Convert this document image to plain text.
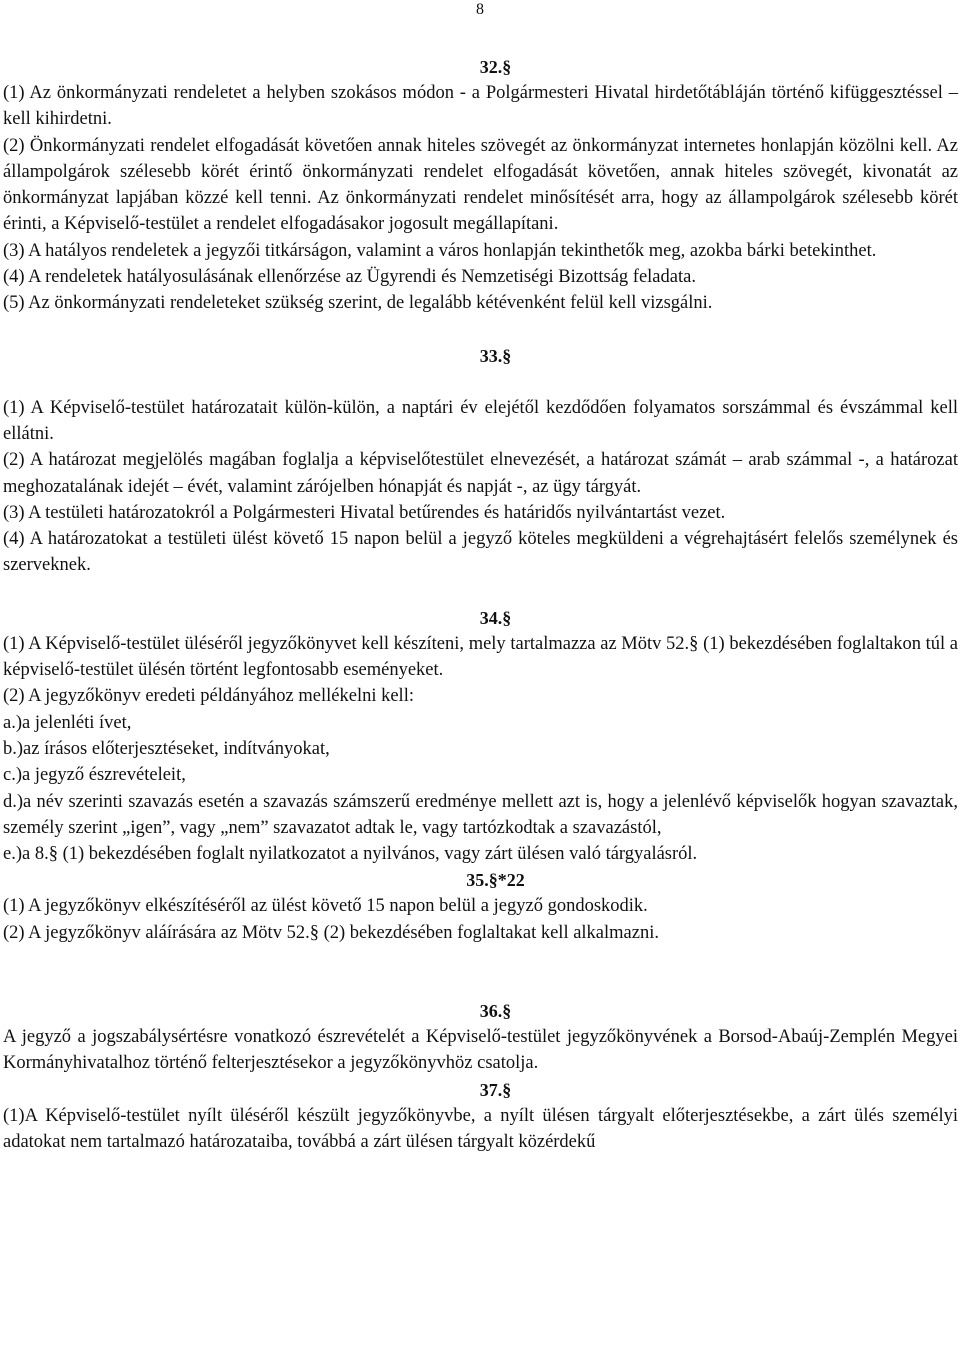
8
32.§

(1) Az önkormányzati rendeletet a helyben szokásos módon - a Polgármesteri Hivatal hirdetőtábláján történő kifüggesztéssel – kell kihirdetni.

(2) Önkormányzati rendelet elfogadását követően annak hiteles szövegét az önkormányzat internetes honlapján közölni kell. Az állampolgárok szélesebb körét érintő önkormányzati rendelet elfogadását követően, annak hiteles szövegét, kivonatát az önkormányzat lapjában közzé kell tenni. Az önkormányzati rendelet minősítését arra, hogy az állampolgárok szélesebb körét érinti, a Képviselő-testület a rendelet elfogadásakor jogosult megállapítani.

(3) A hatályos rendeletek a jegyzői titkárságon, valamint a város honlapján tekinthetők meg, azokba bárki betekinthet.

(4) A rendeletek hatályosulásának ellenőrzése az Ügyrendi és Nemzetiségi Bizottság feladata.

(5) Az önkormányzati rendeleteket szükség szerint, de legalább kétévenként felül kell vizsgálni.

33.§

(1) A Képviselő-testület határozatait külön-külön, a naptári év elejétől kezdődően folyamatos sorszámmal és évszámmal kell ellátni.

(2) A határozat megjelölés magában foglalja a képviselőtestület elnevezését, a határozat számát – arab számmal -, a határozat meghozatalának idejét – évét, valamint zárójelben hónapját és napját -, az ügy tárgyát.

(3) A testületi határozatokról a Polgármesteri Hivatal betűrendes és határidős nyilvántartást vezet.

(4) A határozatokat a testületi ülést követő 15 napon belül a jegyző köteles megküldeni a végrehajtásért felelős személynek és szerveknek.

34.§

(1) A Képviselő-testület üléséről jegyzőkönyvet kell készíteni, mely tartalmazza az Mötv 52.§ (1) bekezdésében foglaltakon túl a képviselő-testület ülésén történt legfontosabb eseményeket.

(2) A jegyzőkönyv eredeti példányához mellékelni kell:

a.)a jelenléti ívet,

b.)az írásos előterjesztéseket, indítványokat,

c.)a jegyző észrevételeit,

d.)a név szerinti szavazás esetén a szavazás számszerű eredménye mellett azt is, hogy a jelenlévő képviselők hogyan szavaztak, személy szerint „igen”, vagy „nem” szavazatot adtak le, vagy tartózkodtak a szavazástól,

e.)a 8.§ (1) bekezdésében foglalt nyilatkozatot a nyilvános, vagy zárt ülésen való tárgyalásról.

35.§*22

(1) A jegyzőkönyv elkészítéséről az ülést követő 15 napon belül a jegyző gondoskodik.

(2) A jegyzőkönyv aláírására az Mötv 52.§ (2) bekezdésében foglaltakat kell alkalmazni.

36.§

A jegyző a jogszabálysértésre vonatkozó észrevételét a Képviselő-testület jegyzőkönyvének a Borsod-Abaúj-Zemplén Megyei Kormányhivatalhoz történő felterjesztésekor a jegyzőkönyvhöz csatolja.

37.§

(1)A Képviselő-testület nyílt üléséről készült jegyzőkönyvbe, a nyílt ülésen tárgyalt előterjesztésekbe, a zárt ülés személyi adatokat nem tartalmazó határozataiba, továbbá a zárt ülésen tárgyalt közérdekű
